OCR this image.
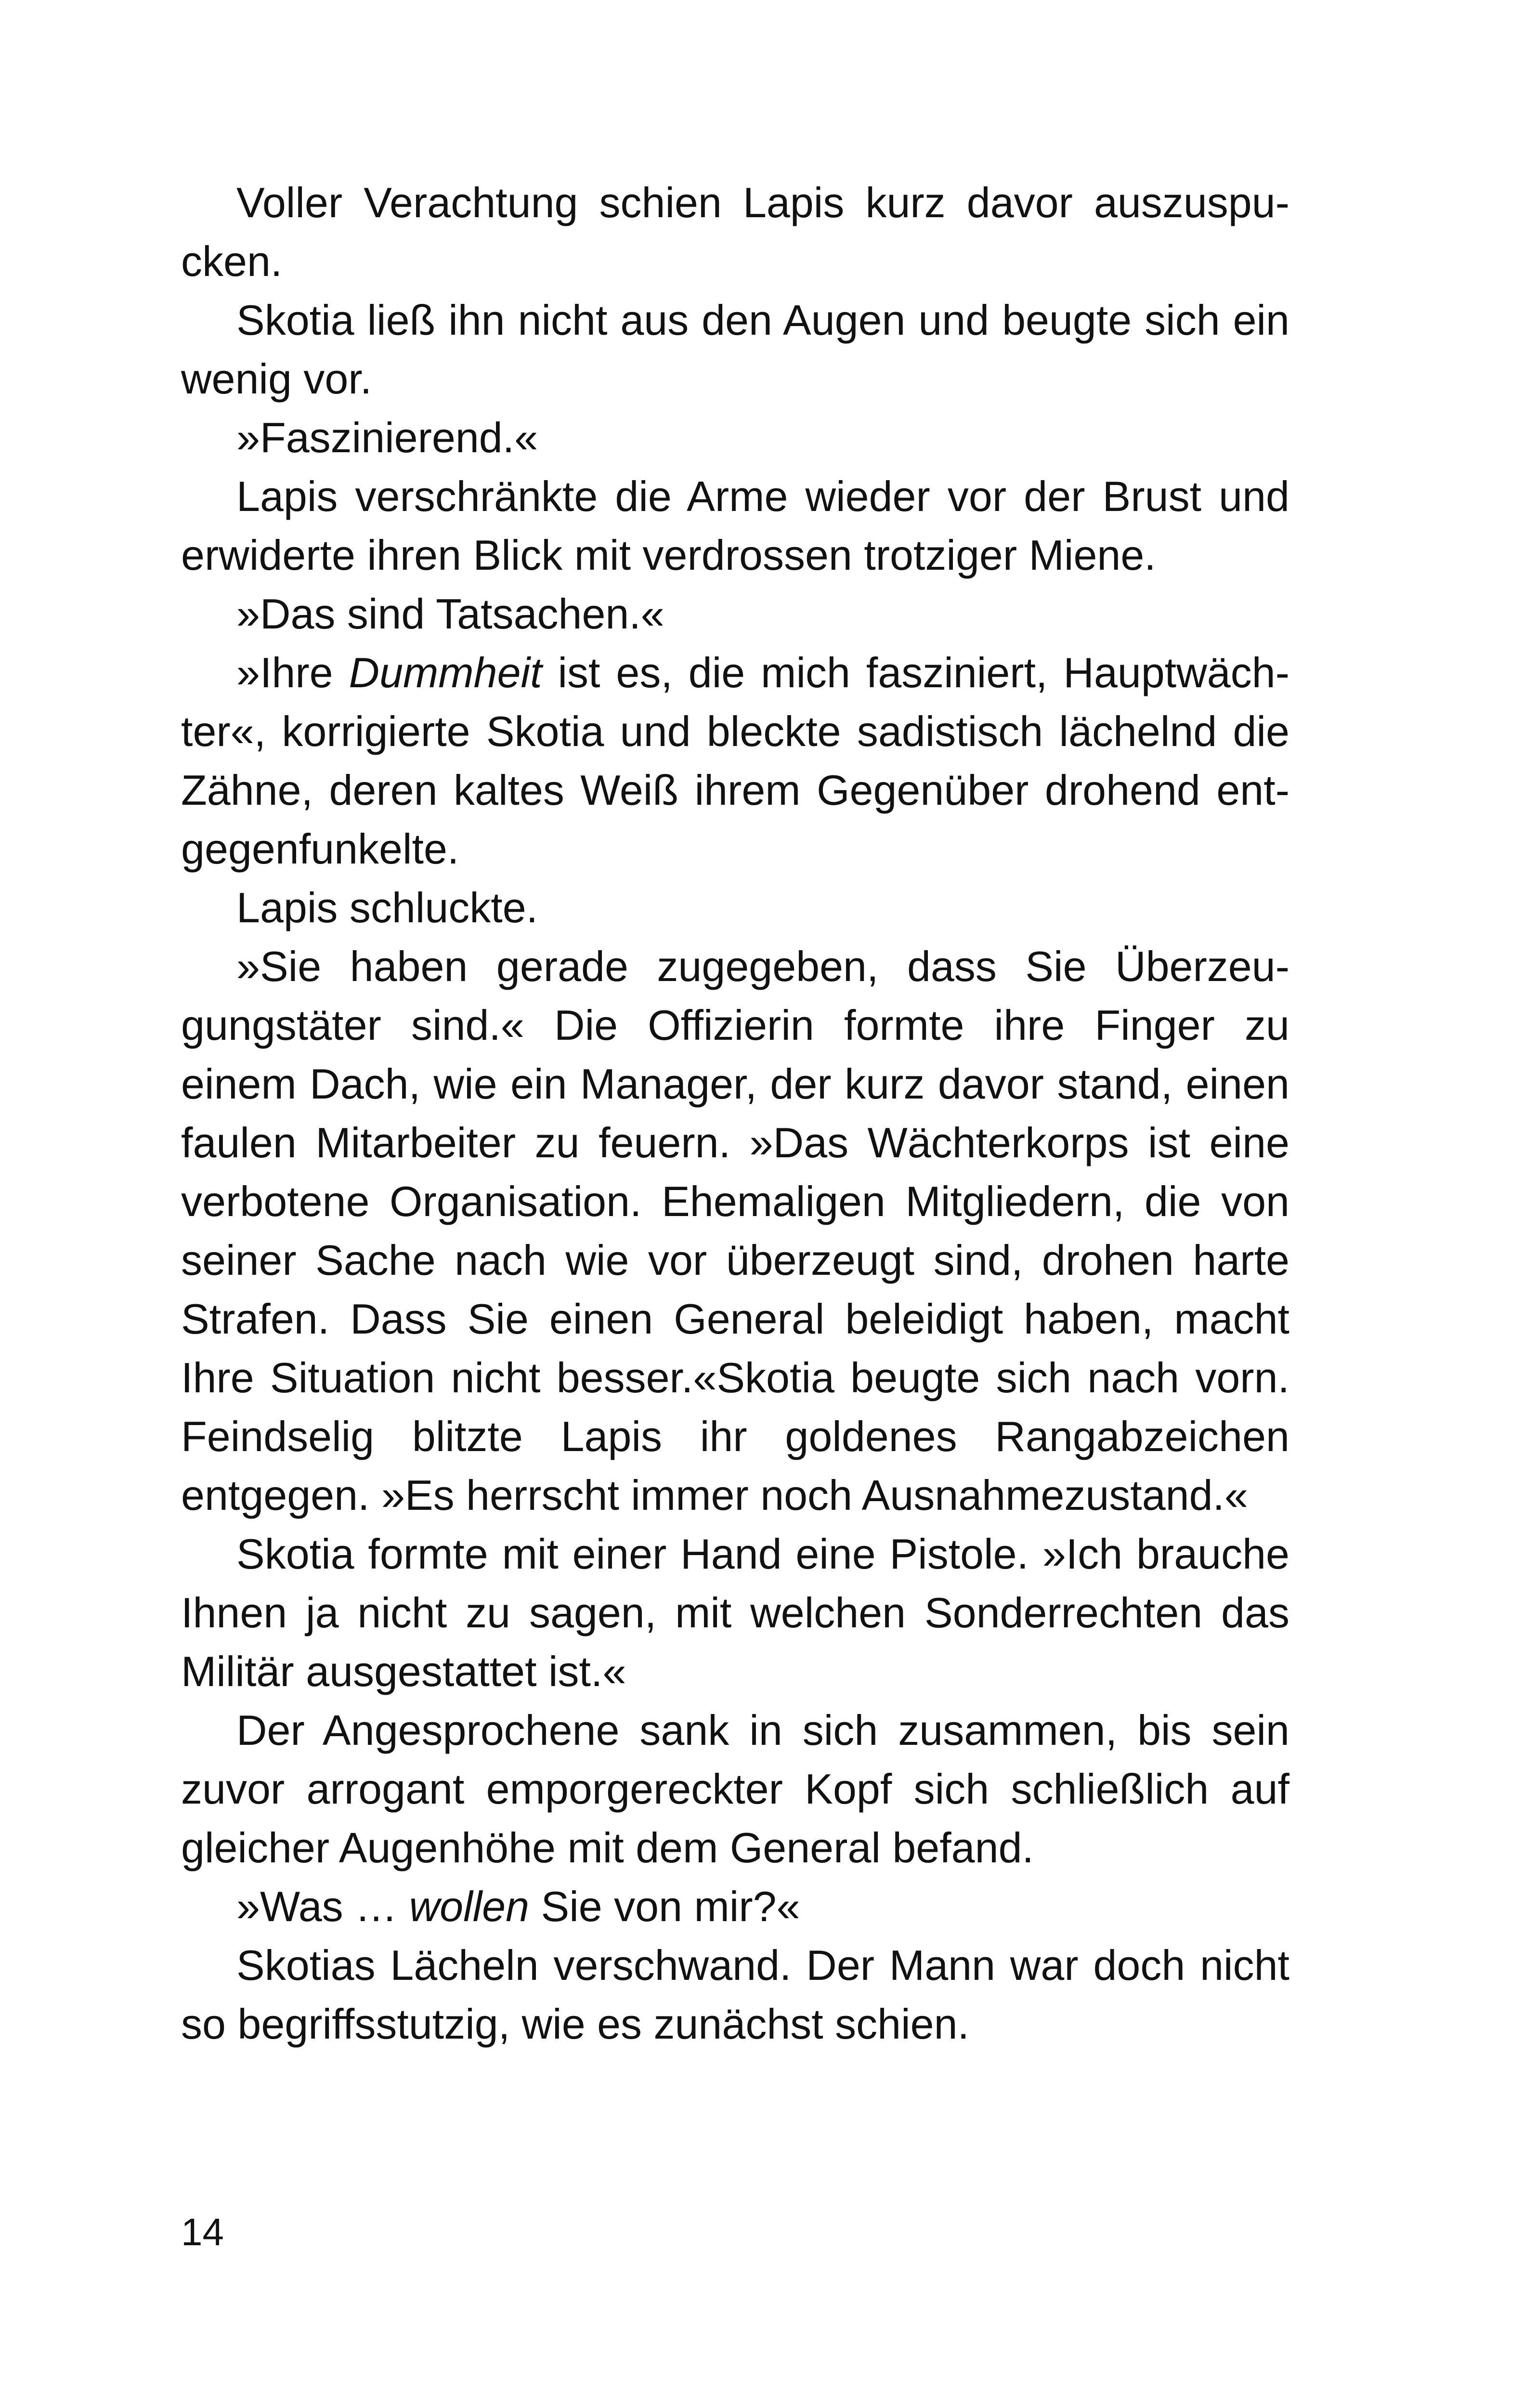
Voller Verachtung schien Lapis kurz davor auszuspucken.

Skotia ließ ihn nicht aus den Augen und beugte sich ein wenig vor.

»Faszinierend.«

Lapis verschränkte die Arme wieder vor der Brust und erwiderte ihren Blick mit verdrossen trotziger Miene.

»Das sind Tatsachen.«

»Ihre Dummheit ist es, die mich fasziniert, Hauptwächter«, korrigierte Skotia und bleckte sadistisch lächelnd die Zähne, deren kaltes Weiß ihrem Gegenüber drohend entgegenfunkelte.

Lapis schluckte.

»Sie haben gerade zugegeben, dass Sie Überzeugungstäter sind.« Die Offizierin formte ihre Finger zu einem Dach, wie ein Manager, der kurz davor stand, einen faulen Mitarbeiter zu feuern. »Das Wächterkorps ist eine verbotene Organisation. Ehemaligen Mitgliedern, die von seiner Sache nach wie vor überzeugt sind, drohen harte Strafen. Dass Sie einen General beleidigt haben, macht Ihre Situation nicht besser.«Skotia beugte sich nach vorn. Feindselig blitzte Lapis ihr goldenes Rangabzeichen entgegen. »Es herrscht immer noch Ausnahmezustand.«

Skotia formte mit einer Hand eine Pistole. »Ich brauche Ihnen ja nicht zu sagen, mit welchen Sonderrechten das Militär ausgestattet ist.«

Der Angesprochene sank in sich zusammen, bis sein zuvor arrogant emporgereckter Kopf sich schließlich auf gleicher Augenhöhe mit dem General befand.

»Was … wollen Sie von mir?«

Skotias Lächeln verschwand. Der Mann war doch nicht so begriffsstutzig, wie es zunächst schien.

14
